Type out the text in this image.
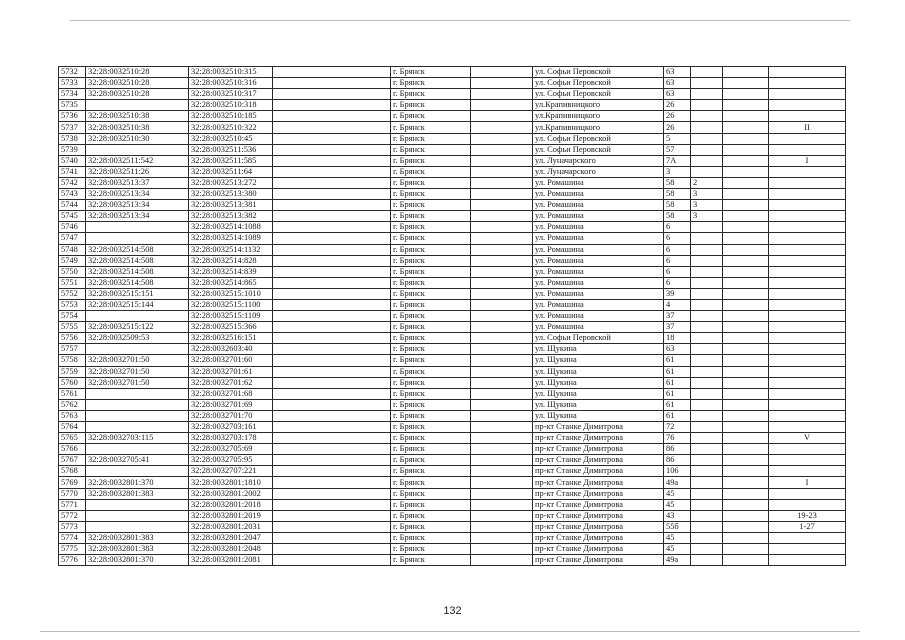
5732	32:28:0032510:28	32:28:0032510:315		г. Брянск		ул. Софьи Перовской	63			
5733	32:28:0032510:28	32:28:0032510:316		г. Брянск		ул. Софьи Перовской	63			
5734	32:28:0032510:28	32:28:0032510:317		г. Брянск		ул. Софьи Перовской	63			
5735		32:28:0032510:318		г. Брянск		ул.Крапивницкого	26			
5736	32:28:0032510:38	32:28:0032510:185		г. Брянск		ул.Крапивницкого	26			
5737	32:28:0032510:38	32:28:0032510:322		г. Брянск		ул.Крапивницкого	26			II
5738	32:28:0032510:30	32:28:0032510:45		г. Брянск		ул. Софьи Перовской	5			
5739		32:28:0032511:536		г. Брянск		ул. Софьи Перовской	57			
5740	32:28:0032511:542	32:28:0032511:585		г. Брянск		ул. Луначарского	7А			I
5741	32:28:0032511:26	32:28:0032511:64		г. Брянск		ул. Луначарского	3			
5742	32:28:0032513:37	32:28:0032513:272		г. Брянск		ул. Ромашина	58	2		
5743	32:28:0032513:34	32:28:0032513:380		г. Брянск		ул. Ромашина	58	3		
5744	32:28:0032513:34	32:28:0032513:381		г. Брянск		ул. Ромашина	58	3		
5745	32:28:0032513:34	32:28:0032513:382		г. Брянск		ул. Ромашина	58	3		
5746		32:28:0032514:1088		г. Брянск		ул. Ромашина	6			
5747		32:28:0032514:1089		г. Брянск		ул. Ромашина	6			
5748	32:28:0032514:508	32:28:0032514:1132		г. Брянск		ул. Ромашина	6			
5749	32:28:0032514:508	32:28:0032514:828		г. Брянск		ул. Ромашина	6			
5750	32:28:0032514:508	32:28:0032514:839		г. Брянск		ул. Ромашина	6			
5751	32:28:0032514:508	32:28:0032514:865		г. Брянск		ул. Ромашина	6			
5752	32:28:0032515:151	32:28:0032515:1010		г. Брянск		ул. Ромашина	39			
5753	32:28:0032515:144	32:28:0032515:1100		г. Брянск		ул. Ромашина	4			
5754		32:28:0032515:1109		г. Брянск		ул. Ромашина	37			
5755	32:28:0032515:122	32:28:0032515:366		г. Брянск		ул. Ромашина	37			
5756	32:28:0032509:53	32:28:0032516:151		г. Брянск		ул. Софьи Перовской	18			
5757		32:28:0032603:40		г. Брянск		ул. Щукина	63			
5758	32:28:0032701:50	32:28:0032701:60		г. Брянск		ул. Щукина	61			
5759	32:28:0032701:50	32:28:0032701:61		г. Брянск		ул. Щукина	61			
5760	32:28:0032701:50	32:28:0032701:62		г. Брянск		ул. Щукина	61			
5761		32:28:0032701:68		г. Брянск		ул. Щукина	61			
5762		32:28:0032701:69		г. Брянск		ул. Щукина	61			
5763		32:28:0032701:70		г. Брянск		ул. Щукина	61			
5764		32:28:0032703:161		г. Брянск		пр-кт Станке Димитрова	72			
5765	32:28:0032703:115	32:28:0032703:178		г. Брянск		пр-кт Станке Димитрова	76			V
5766		32:28:0032705:69		г. Брянск		пр-кт Станке Димитрова	86			
5767	32:28:0032705:41	32:28:0032705:95		г. Брянск		пр-кт Станке Димитрова	86			
5768		32:28:0032707:221		г. Брянск		пр-кт Станке Димитрова	106			
5769	32:28:0032801:370	32:28:0032801:1810		г. Брянск		пр-кт Станке Димитрова	49а			I
5770	32:28:0032801:383	32:28:0032801:2002		г. Брянск		пр-кт Станке Димитрова	45			
5771		32:28:0032801:2018		г. Брянск		пр-кт Станке Димитрова	45			
5772		32:28:0032801:2019		г. Брянск		пр-кт Станке Димитрова	43			19-23
5773		32:28:0032801:2031		г. Брянск		пр-кт Станке Димитрова	55б			1-27
5774	32:28:0032801:383	32:28:0032801:2047		г. Брянск		пр-кт Станке Димитрова	45			
5775	32:28:0032801:383	32:28:0032801:2048		г. Брянск		пр-кт Станке Димитрова	45			
5776	32:28:0032801:370	32:28:0032801:2081		г. Брянск		пр-кт Станке Димитрова	49а			
132
